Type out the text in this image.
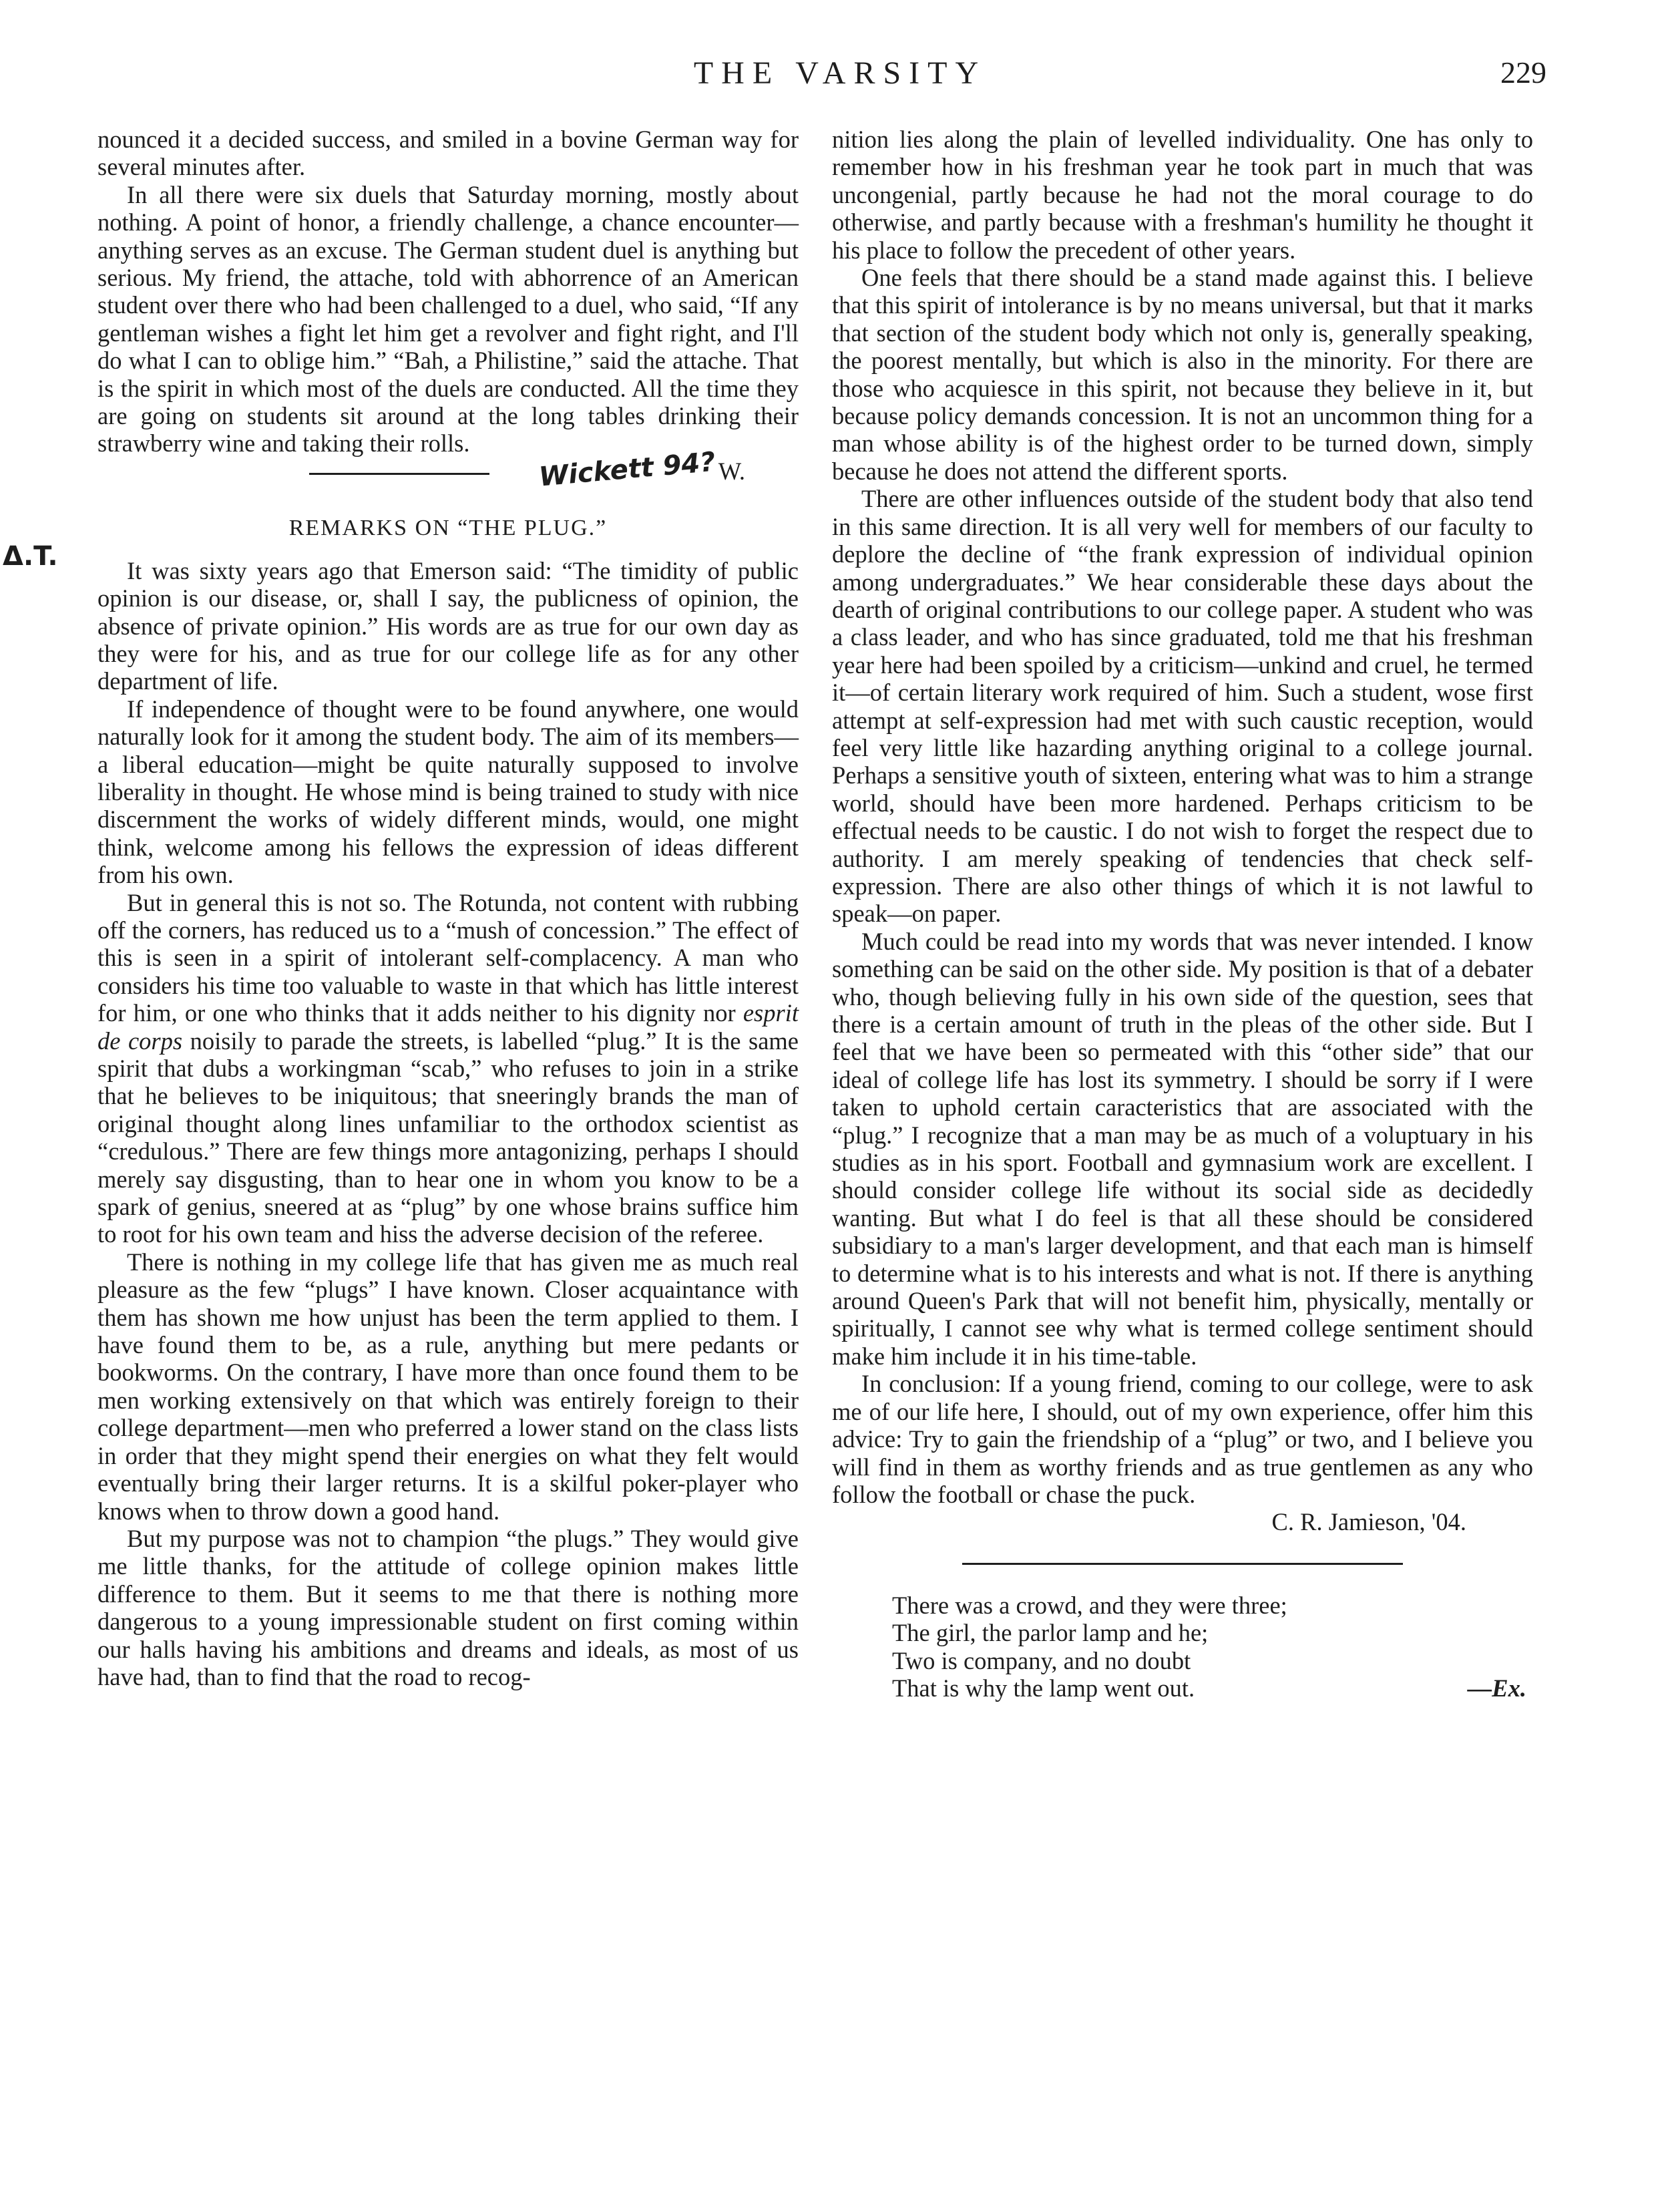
THE VARSITY	229
Δ.T.

nounced it a decided success, and smiled in a bovine German way for several minutes after.

In all there were six duels that Saturday morning, mostly about nothing. A point of honor, a friendly challenge, a chance encounter—anything serves as an excuse. The German student duel is anything but serious. My friend, the attache, told with abhorrence of an American student over there who had been challenged to a duel, who said, “If any gentleman wishes a fight let him get a revolver and fight right, and I'll do what I can to oblige him.” “Bah, a Philistine,” said the attache. That is the spirit in which most of the duels are conducted. All the time they are going on students sit around at the long tables drinking their strawberry wine and taking their rolls.

Wickett 94?W.

REMARKS ON “THE PLUG.”

It was sixty years ago that Emerson said: “The timidity of public opinion is our disease, or, shall I say, the publicness of opinion, the absence of private opinion.” His words are as true for our own day as they were for his, and as true for our college life as for any other department of life.

If independence of thought were to be found anywhere, one would naturally look for it among the student body. The aim of its members—a liberal education—might be quite naturally supposed to involve liberality in thought. He whose mind is being trained to study with nice discernment the works of widely different minds, would, one might think, welcome among his fellows the expression of ideas different from his own.

But in general this is not so. The Rotunda, not content with rubbing off the corners, has reduced us to a “mush of concession.” The effect of this is seen in a spirit of intolerant self-complacency. A man who considers his time too valuable to waste in that which has little interest for him, or one who thinks that it adds neither to his dignity nor esprit de corps noisily to parade the streets, is labelled “plug.” It is the same spirit that dubs a workingman “scab,” who refuses to join in a strike that he believes to be iniquitous; that sneeringly brands the man of original thought along lines unfamiliar to the orthodox scientist as “credulous.” There are few things more antagonizing, perhaps I should merely say disgusting, than to hear one in whom you know to be a spark of genius, sneered at as “plug” by one whose brains suffice him to root for his own team and hiss the adverse decision of the referee.

There is nothing in my college life that has given me as much real pleasure as the few “plugs” I have known. Closer acquaintance with them has shown me how unjust has been the term applied to them. I have found them to be, as a rule, anything but mere pedants or bookworms. On the contrary, I have more than once found them to be men working extensively on that which was entirely foreign to their college department—men who preferred a lower stand on the class lists in order that they might spend their energies on what they felt would eventually bring their larger returns. It is a skilful poker-player who knows when to throw down a good hand.

But my purpose was not to champion “the plugs.” They would give me little thanks, for the attitude of college opinion makes little difference to them. But it seems to me that there is nothing more dangerous to a young impressionable student on first coming within our halls having his ambitions and dreams and ideals, as most of us have had, than to find that the road to recog-

nition lies along the plain of levelled individuality. One has only to remember how in his freshman year he took part in much that was uncongenial, partly because he had not the moral courage to do otherwise, and partly because with a freshman's humility he thought it his place to follow the precedent of other years.

One feels that there should be a stand made against this. I believe that this spirit of intolerance is by no means universal, but that it marks that section of the student body which not only is, generally speaking, the poorest mentally, but which is also in the minority. For there are those who acquiesce in this spirit, not because they believe in it, but because policy demands concession. It is not an uncommon thing for a man whose ability is of the highest order to be turned down, simply because he does not attend the different sports.

There are other influences outside of the student body that also tend in this same direction. It is all very well for members of our faculty to deplore the decline of “the frank expression of individual opinion among undergraduates.” We hear considerable these days about the dearth of original contributions to our college paper. A student who was a class leader, and who has since graduated, told me that his freshman year here had been spoiled by a criticism—unkind and cruel, he termed it—of certain literary work required of him. Such a student, wose first attempt at self-expression had met with such caustic reception, would feel very little like hazarding anything original to a college journal. Perhaps a sensitive youth of sixteen, entering what was to him a strange world, should have been more hardened. Perhaps criticism to be effectual needs to be caustic. I do not wish to forget the respect due to authority. I am merely speaking of tendencies that check self-expression. There are also other things of which it is not lawful to speak—on paper.

Much could be read into my words that was never intended. I know something can be said on the other side. My position is that of a debater who, though believing fully in his own side of the question, sees that there is a certain amount of truth in the pleas of the other side. But I feel that we have been so permeated with this “other side” that our ideal of college life has lost its symmetry. I should be sorry if I were taken to uphold certain caracteristics that are associated with the “plug.” I recognize that a man may be as much of a voluptuary in his studies as in his sport. Football and gymnasium work are excellent. I should consider college life without its social side as decidedly wanting. But what I do feel is that all these should be considered subsidiary to a man's larger development, and that each man is himself to determine what is to his interests and what is not. If there is anything around Queen's Park that will not benefit him, physically, mentally or spiritually, I cannot see why what is termed college sentiment should make him include it in his time-table.

In conclusion: If a young friend, coming to our college, were to ask me of our life here, I should, out of my own experience, offer him this advice: Try to gain the friendship of a “plug” or two, and I believe you will find in them as worthy friends and as true gentlemen as any who follow the football or chase the puck.

C. R. Jamieson, '04.

There was a crowd, and they were three;

The girl, the parlor lamp and he;

Two is company, and no doubt

That is why the lamp went out.	—Ex.
